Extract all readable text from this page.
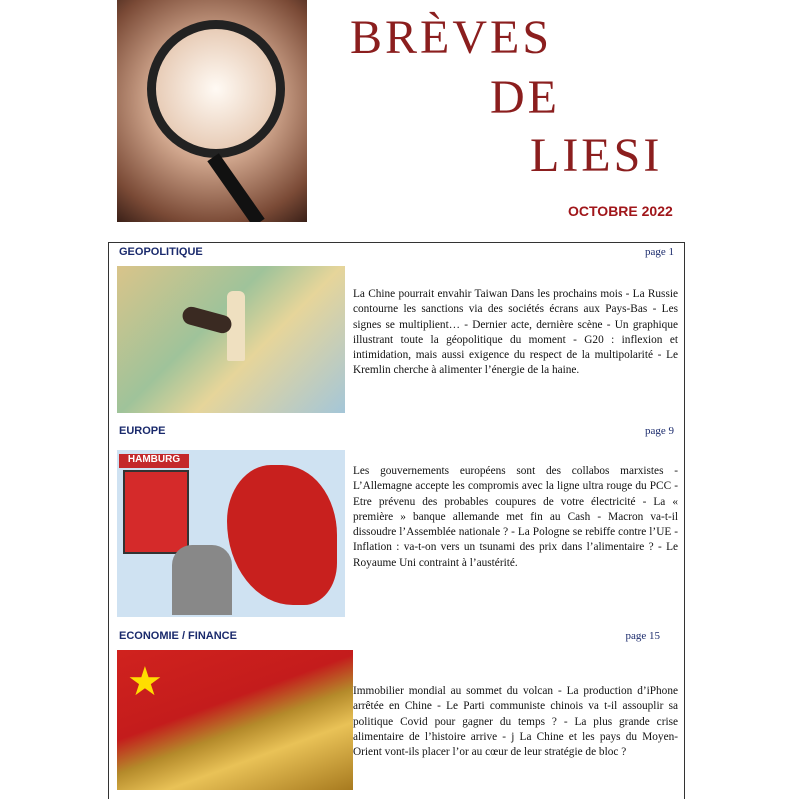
BRÈVES
DE
LIESI
OCTOBRE 2022
GEOPOLITIQUE	page 1
La Chine pourrait envahir Taiwan Dans les prochains mois - La Russie contourne les sanctions via des sociétés écrans aux Pays-Bas - Les signes se multiplient… - Dernier acte, dernière scène - Un graphique illustrant toute la géopolitique du moment - G20 : inflexion et intimidation, mais aussi exigence du respect de la multipolarité - Le Kremlin cherche à alimenter l’énergie de la haine.
EUROPE	page 9
HAMBURG
Les gouvernements européens sont des collabos marxistes - L’Allemagne accepte les compromis avec la ligne ultra rouge du PCC - Etre prévenu des probables coupures de votre électricité - La « première » banque allemande met fin au Cash - Macron va-t-il dissoudre l’Assemblée nationale ? - La Pologne se rebiffe contre l’UE - Inflation : va-t-on vers un tsunami des prix dans l’alimentaire ? - Le Royaume Uni contraint à l’austérité.
ECONOMIE / FINANCE	page 15
★	Immobilier mondial au sommet du volcan - La production d’iPhone arrêtée en Chine - Le Parti communiste chinois va t-il assouplir sa politique Covid pour gagner du temps ? - La plus grande crise alimentaire de l’histoire arrive - j La Chine et les pays du Moyen-Orient vont-ils placer l’or au cœur de leur stratégie de bloc ?
